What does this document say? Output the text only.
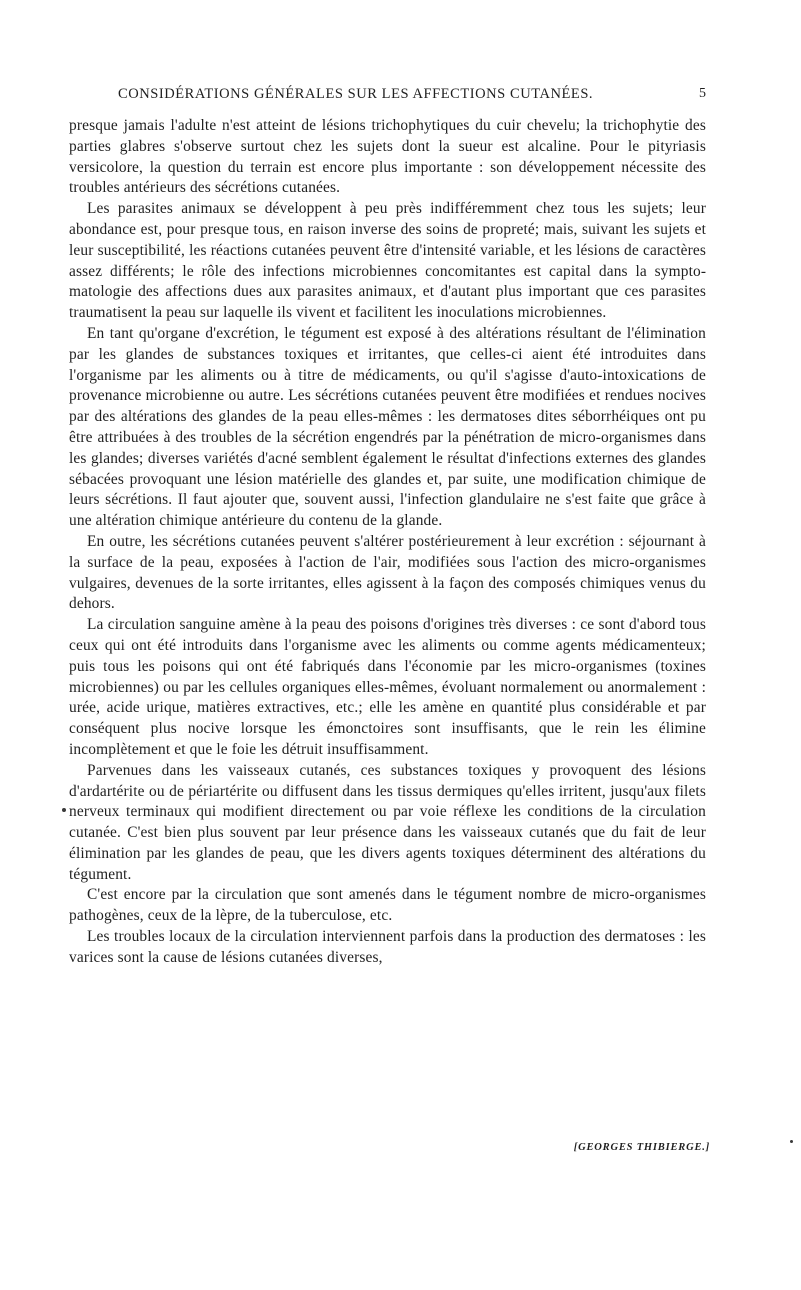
CONSIDÉRATIONS GÉNÉRALES SUR LES AFFECTIONS CUTANÉES.	5

presque jamais l'adulte n'est atteint de lésions trichophytiques du cuir chevelu; la trichophytie des parties glabres s'observe surtout chez les sujets dont la sueur est alcaline. Pour le pityriasis versicolore, la question du terrain est encore plus importante : son développement nécessite des troubles antérieurs des sécrétions cutanées.

Les parasites animaux se développent à peu près indifféremment chez tous les sujets; leur abondance est, pour presque tous, en raison inverse des soins de propreté; mais, suivant les sujets et leur susceptibilité, les réactions cutanées peuvent être d'intensité variable, et les lésions de caractères assez différents; le rôle des infections microbiennes concomitantes est capital dans la symptomatologie des affections dues aux parasites animaux, et d'autant plus important que ces parasites traumatisent la peau sur laquelle ils vivent et facilitent les inoculations microbiennes.

En tant qu'organe d'excrétion, le tégument est exposé à des altérations résultant de l'élimination par les glandes de substances toxiques et irritantes, que celles-ci aient été introduites dans l'organisme par les aliments ou à titre de médicaments, ou qu'il s'agisse d'auto-intoxications de provenance microbienne ou autre. Les sécrétions cutanées peuvent être modifiées et rendues nocives par des altérations des glandes de la peau elles-mêmes : les dermatoses dites séborrhéiques ont pu être attribuées à des troubles de la sécrétion engendrés par la pénétration de micro-organismes dans les glandes; diverses variétés d'acné semblent également le résultat d'infections externes des glandes sébacées provoquant une lésion matérielle des glandes et, par suite, une modification chimique de leurs sécrétions. Il faut ajouter que, souvent aussi, l'infection glandulaire ne s'est faite que grâce à une altération chimique antérieure du contenu de la glande.

En outre, les sécrétions cutanées peuvent s'altérer postérieurement à leur excrétion : séjournant à la surface de la peau, exposées à l'action de l'air, modifiées sous l'action des micro-organismes vulgaires, devenues de la sorte irritantes, elles agissent à la façon des composés chimiques venus du dehors.

La circulation sanguine amène à la peau des poisons d'origines très diverses : ce sont d'abord tous ceux qui ont été introduits dans l'organisme avec les aliments ou comme agents médicamenteux; puis tous les poisons qui ont été fabriqués dans l'économie par les micro-organismes (toxines microbiennes) ou par les cellules organiques elles-mêmes, évoluant normalement ou anormalement : urée, acide urique, matières extractives, etc.; elle les amène en quantité plus considérable et par conséquent plus nocive lorsque les émonctoires sont insuffisants, que le rein les élimine incomplètement et que le foie les détruit insuffisamment.

Parvenues dans les vaisseaux cutanés, ces substances toxiques y provoquent des lésions d'ardartérite ou de périartérite ou diffusent dans les tissus dermiques qu'elles irritent, jusqu'aux filets nerveux terminaux qui modifient directement ou par voie réflexe les conditions de la circulation cutanée. C'est bien plus souvent par leur présence dans les vaisseaux cutanés que du fait de leur élimination par les glandes de peau, que les divers agents toxiques déterminent des altérations du tégument.

C'est encore par la circulation que sont amenés dans le tégument nombre de micro-organismes pathogènes, ceux de la lèpre, de la tuberculose, etc.

Les troubles locaux de la circulation interviennent parfois dans la production des dermatoses : les varices sont la cause de lésions cutanées diverses,

[GEORGES THIBIERGE.]
